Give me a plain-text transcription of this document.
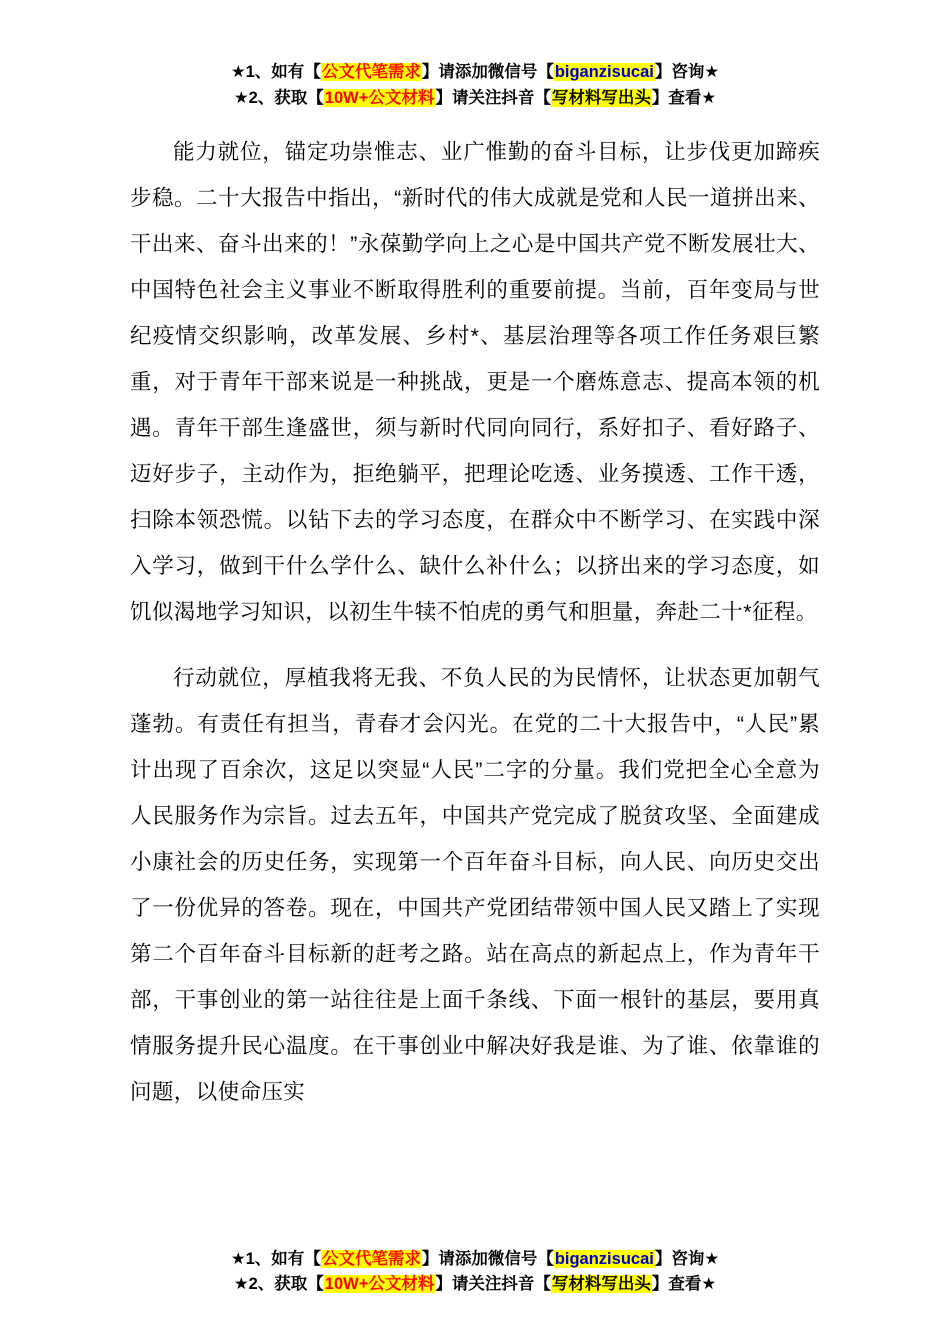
★1、如有【公文代笔需求】请添加微信号【biganzisucai】咨询★
★2、获取【10W+公文材料】请关注抖音【写材料写出头】查看★

能力就位，锚定功崇惟志、业广惟勤的奋斗目标，让步伐更加蹄疾步稳。二十大报告中指出，“新时代的伟大成就是党和人民一道拼出来、干出来、奋斗出来的！”永葆勤学向上之心是中国共产党不断发展壮大、中国特色社会主义事业不断取得胜利的重要前提。当前，百年变局与世纪疫情交织影响，改革发展、乡村*、基层治理等各项工作任务艰巨繁重，对于青年干部来说是一种挑战，更是一个磨炼意志、提高本领的机遇。青年干部生逢盛世，须与新时代同向同行，系好扣子、看好路子、迈好步子，主动作为，拒绝躺平，把理论吃透、业务摸透、工作干透，扫除本领恐慌。以钻下去的学习态度，在群众中不断学习、在实践中深入学习，做到干什么学什么、缺什么补什么；以挤出来的学习态度，如饥似渴地学习知识，以初生牛犊不怕虎的勇气和胆量，奔赴二十*征程。

行动就位，厚植我将无我、不负人民的为民情怀，让状态更加朝气蓬勃。有责任有担当，青春才会闪光。在党的二十大报告中，“人民”累计出现了百余次，这足以突显“人民”二字的分量。我们党把全心全意为人民服务作为宗旨。过去五年，中国共产党完成了脱贫攻坚、全面建成小康社会的历史任务，实现第一个百年奋斗目标，向人民、向历史交出了一份优异的答卷。现在，中国共产党团结带领中国人民又踏上了实现第二个百年奋斗目标新的赶考之路。站在高点的新起点上，作为青年干部，干事创业的第一站往往是上面千条线、下面一根针的基层，要用真情服务提升民心温度。在干事创业中解决好我是谁、为了谁、依靠谁的问题，以使命压实

★1、如有【公文代笔需求】请添加微信号【biganzisucai】咨询★
★2、获取【10W+公文材料】请关注抖音【写材料写出头】查看★
